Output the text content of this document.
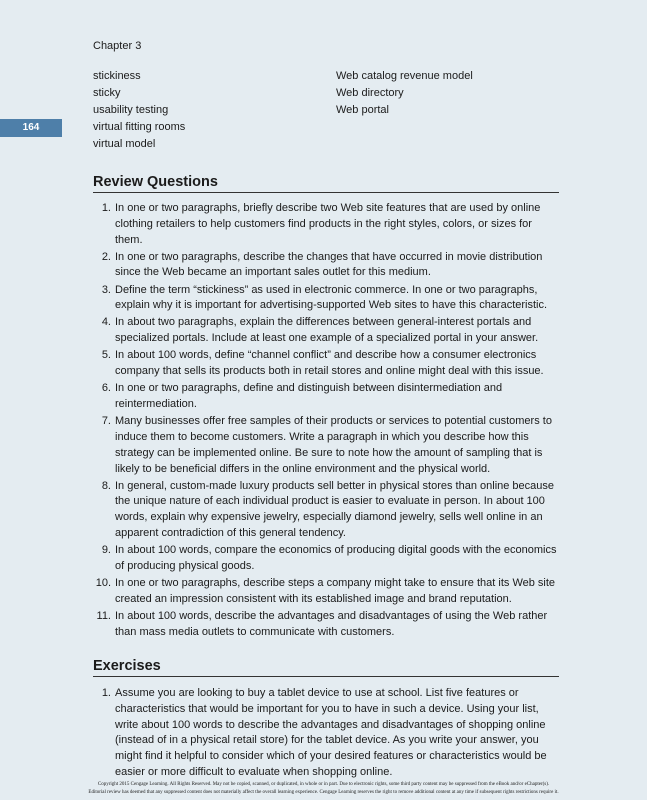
Chapter 3
164
stickiness
sticky
usability testing
virtual fitting rooms
virtual model
Web catalog revenue model
Web directory
Web portal
Review Questions
1. In one or two paragraphs, briefly describe two Web site features that are used by online clothing retailers to help customers find products in the right styles, colors, or sizes for them.
2. In one or two paragraphs, describe the changes that have occurred in movie distribution since the Web became an important sales outlet for this medium.
3. Define the term “stickiness” as used in electronic commerce. In one or two paragraphs, explain why it is important for advertising-supported Web sites to have this characteristic.
4. In about two paragraphs, explain the differences between general-interest portals and specialized portals. Include at least one example of a specialized portal in your answer.
5. In about 100 words, define “channel conflict” and describe how a consumer electronics company that sells its products both in retail stores and online might deal with this issue.
6. In one or two paragraphs, define and distinguish between disintermediation and reintermediation.
7. Many businesses offer free samples of their products or services to potential customers to induce them to become customers. Write a paragraph in which you describe how this strategy can be implemented online. Be sure to note how the amount of sampling that is likely to be beneficial differs in the online environment and the physical world.
8. In general, custom-made luxury products sell better in physical stores than online because the unique nature of each individual product is easier to evaluate in person. In about 100 words, explain why expensive jewelry, especially diamond jewelry, sells well online in an apparent contradiction of this general tendency.
9. In about 100 words, compare the economics of producing digital goods with the economics of producing physical goods.
10. In one or two paragraphs, describe steps a company might take to ensure that its Web site created an impression consistent with its established image and brand reputation.
11. In about 100 words, describe the advantages and disadvantages of using the Web rather than mass media outlets to communicate with customers.
Exercises
1. Assume you are looking to buy a tablet device to use at school. List five features or characteristics that would be important for you to have in such a device. Using your list, write about 100 words to describe the advantages and disadvantages of shopping online (instead of in a physical retail store) for the tablet device. As you write your answer, you might find it helpful to consider which of your desired features or characteristics would be easier or more difficult to evaluate when shopping online.
Copyright 2015 Cengage Learning. All Rights Reserved. May not be copied, scanned, or duplicated, in whole or in part. Due to electronic rights, some third party content may be suppressed from the eBook and/or eChapter(s).
Editorial review has deemed that any suppressed content does not materially affect the overall learning experience. Cengage Learning reserves the right to remove additional content at any time if subsequent rights restrictions require it.
